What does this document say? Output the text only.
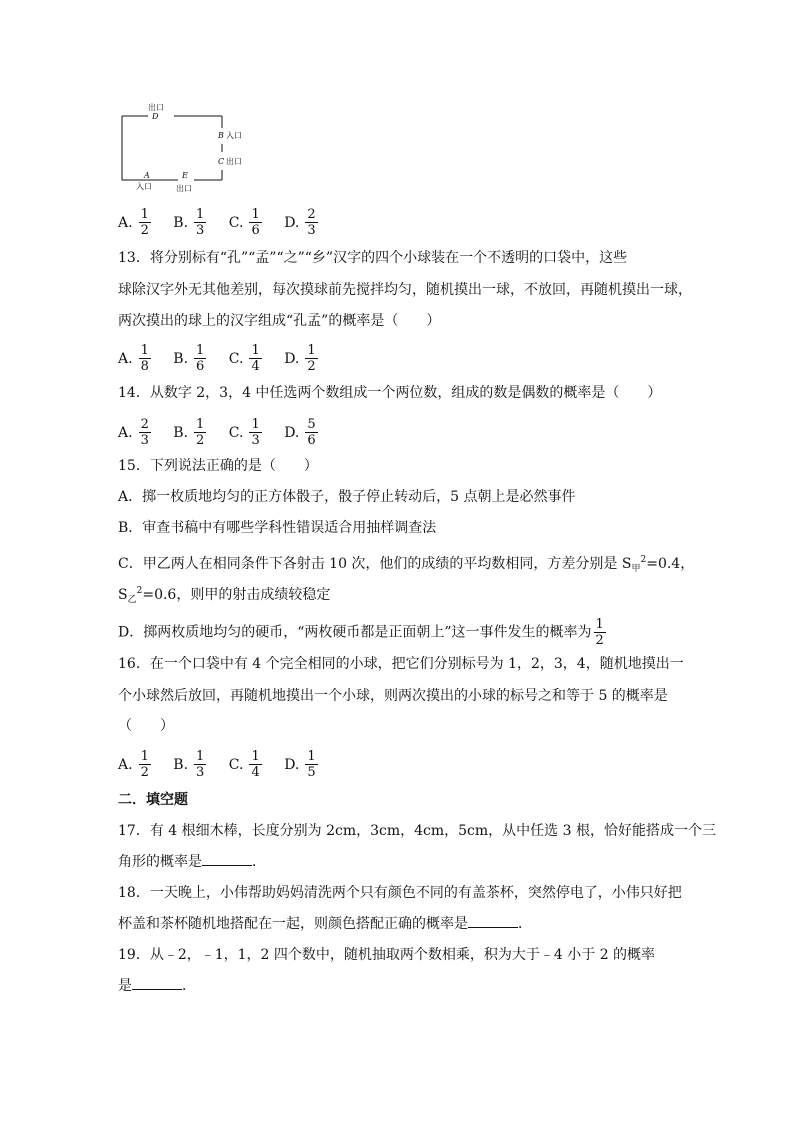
出口
D
B 入口
C 出口
A
入口
E
出口
A. $\frac{1}{2} B$. $\frac{1}{3} C$. $\frac{1}{6} D$. $\frac{2}{3}$
13．将分别标有“孔”“孟”“之”“乡”汉字的四个小球装在一个不透明的口袋中，这些
球除汉字外无其他差别，每次摸球前先搅拌均匀，随机摸出一球，不放回，再随机摸出一球，
两次摸出的球上的汉字组成“孔孟”的概率是（　　）
A. $\frac{1}{8} B$. $\frac{1}{6} C$. $\frac{1}{4} D$. $\frac{1}{2}$
14．从数字 2，3，4 中任选两个数组成一个两位数，组成的数是偶数的概率是（　　）
A. $\frac{2}{3} B$. $\frac{1}{2} C$. $\frac{1}{3} D$. $\frac{5}{6}$
15．下列说法正确的是（　　）
A．掷一枚质地均匀的正方体骰子，骰子停止转动后，5 点朝上是必然事件
B．审查书稿中有哪些学科性错误适合用抽样调查法
C．甲乙两人在相同条件下各射击 10 次，他们的成绩的平均数相同，方差分别是 $S_甲^2=0.4$，
$S_乙^2=0.6$，则甲的射击成绩较稳定
D．掷两枚质地均匀的硬币，“两枚硬币都是正面朝上”这一事件发生的概率为 $\frac{1}{2}$
16．在一个口袋中有 4 个完全相同的小球，把它们分别标号为 1，2，3，4，随机地摸出一
个小球然后放回，再随机地摸出一个小球，则两次摸出的小球的标号之和等于 5 的概率是
（　　）
A. $\frac{1}{2} B$. $\frac{1}{3} C$. $\frac{1}{4} D$. $\frac{1}{5}$
二．填空题
17．有 4 根细木棒，长度分别为 2cm，3cm，4cm，5cm，从中任选 3 根，恰好能搭成一个三
角形的概率是	．
18．一天晚上，小伟帮助妈妈清洗两个只有颜色不同的有盖茶杯，突然停电了，小伟只好把
杯盖和茶杯随机地搭配在一起，则颜色搭配正确的概率是	．
19．从﹣2，﹣1，1，2 四个数中，随机抽取两个数相乘，积为大于﹣4 小于 2 的概率
是	．
